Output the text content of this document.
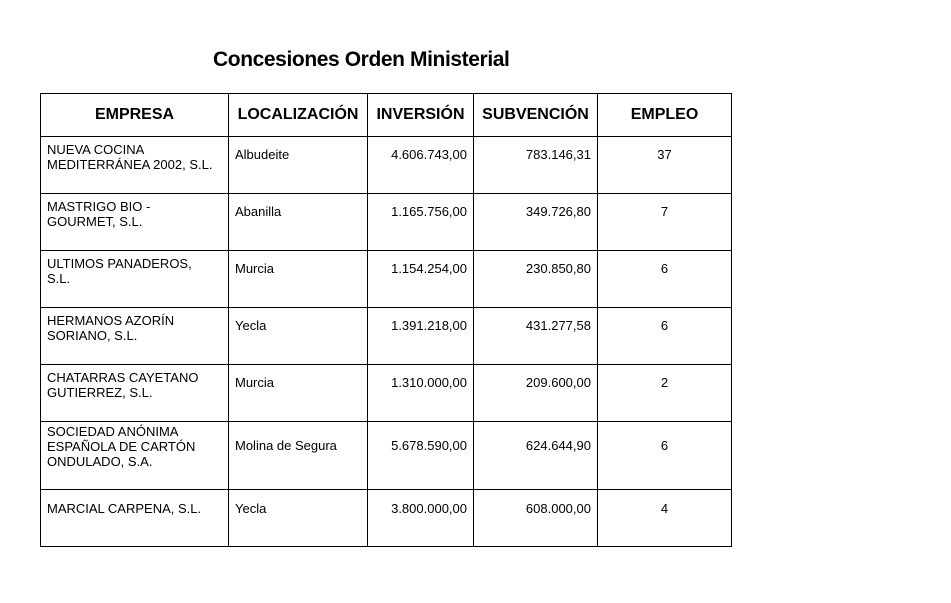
Concesiones Orden Ministerial
EMPRESA	LOCALIZACIÓN	INVERSIÓN	SUBVENCIÓN	EMPLEO

NUEVA COCINA
MEDITERRÁNEA 2002, S.L.	Albudeite	4.606.743,00	783.146,31	37

MASTRIGO BIO -
GOURMET, S.L.	Abanilla	1.165.756,00	349.726,80	7

ULTIMOS PANADEROS,
S.L.	Murcia	1.154.254,00	230.850,80	6

HERMANOS AZORÍN
SORIANO, S.L.	Yecla	1.391.218,00	431.277,58	6

CHATARRAS CAYETANO
GUTIERREZ, S.L.	Murcia	1.310.000,00	209.600,00	2

SOCIEDAD ANÓNIMA
ESPAÑOLA DE CARTÓN
ONDULADO, S.A.	Molina de Segura	5.678.590,00	624.644,90	6

MARCIAL CARPENA, S.L.	Yecla	3.800.000,00	608.000,00	4
